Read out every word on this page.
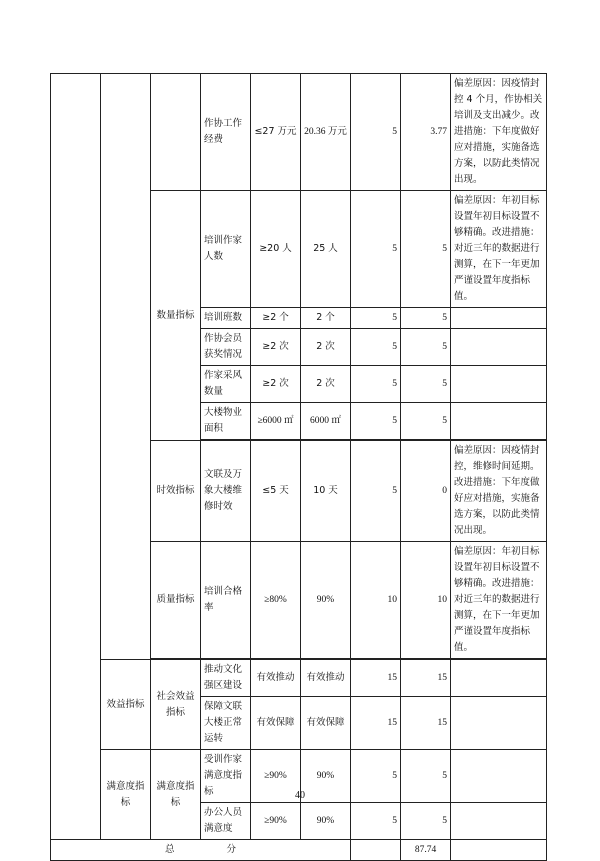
			作协工作经费	≤27 万元	20.36 万元	5	3.77	偏差原因：因疫情封控 4 个月，作协相关培训及支出减少。改进措施：下年度做好应对措施，实施备选方案，以防此类情况出现。
		数量指标	培训作家人数	≥20 人	25 人	5	5	偏差原因：年初目标设置年初目标设置不够精确。改进措施：对近三年的数据进行测算，在下一年更加严谨设置年度指标值。
			培训班数	≥2 个	2 个	5	5	
			作协会员获奖情况	≥2 次	2 次	5	5	
			作家采风数量	≥2 次	2 次	5	5	
			大楼物业面积	≥6000 ㎡	6000 ㎡	5	5	

		时效指标	文联及万象大楼维修时效	≤5 天	10 天	5	0	偏差原因：因疫情封控，维修时间延期。改进措施：下年度做好应对措施，实施备选方案，以防此类情况出现。
		质量指标	培训合格率	≥80%	90%	10	10	偏差原因：年初目标设置年初目标设置不够精确。改进措施：对近三年的数据进行测算，在下一年更加严谨设置年度指标值。

	效益指标	社会效益指标	推动文化强区建设	有效推动	有效推动	15	15	
			保障文联大楼正常运转	有效保障	有效保障	15	15	
	满意度指标	满意度指标	受训作家满意度指标	≥90%	90%	5	5	
			办公人员满意度	≥90%	90%	5	5	
总 分							87.74	
40
